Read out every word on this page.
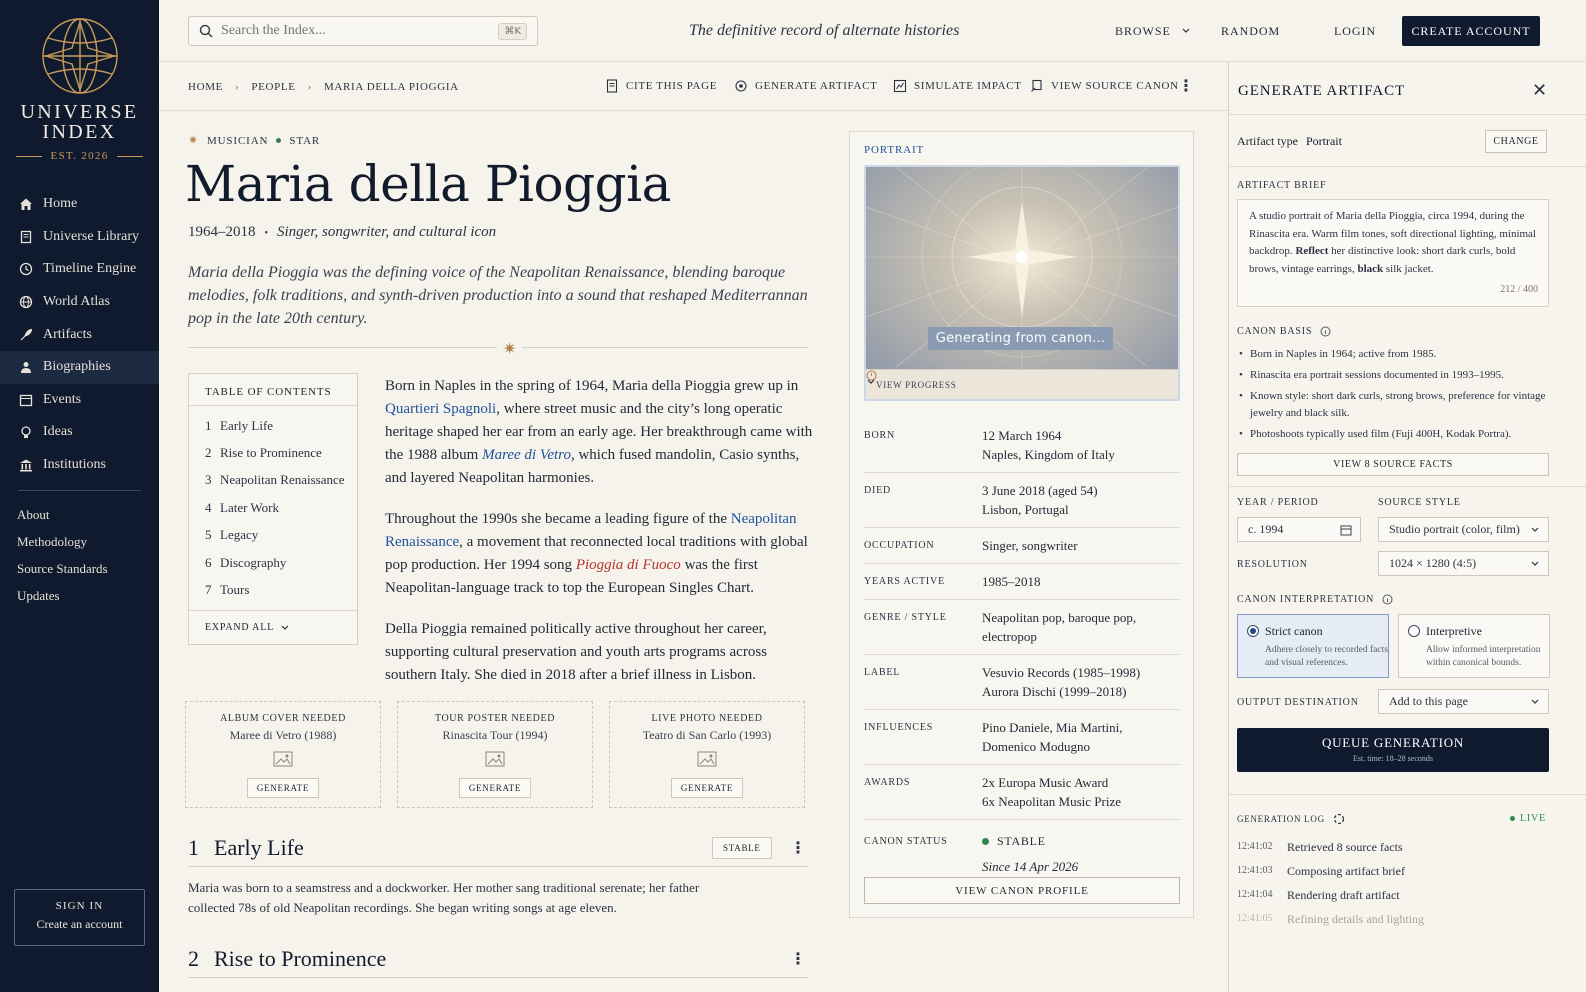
UNIVERSE
INDEX
EST. 2026
Home
Universe Library
Timeline Engine
World Atlas
Artifacts
Biographies
Events
Ideas
Institutions
About
Methodology
Source Standards
Updates
SIGN IN
Create an account
Search the Index...
⌘K	The definitive record of alternate histories	BROWSE	RANDOM	LOGIN	CREATE ACCOUNT
HOME › PEOPLE › MARIA DELLA PIOGGIA	CITE THIS PAGE	GENERATE ARTIFACT	SIMULATE IMPACT	VIEW SOURCE CANON ⋮
✷ MUSICIAN STAR
Maria della Pioggia
1964–2018 • Singer, songwriter, and cultural icon
Maria della Pioggia was the defining voice of the Neapolitan Renaissance, blending baroque melodies, folk traditions, and synth-driven production into a sound that reshaped Mediterrannan pop in the late 20th century.
✷
TABLE OF CONTENTS
1 Early Life
2 Rise to Prominence
3 Neapolitan Renaissance
4 Later Work
5 Legacy
6 Discography
7 Tours
EXPAND ALL

Born in Naples in the spring of 1964, Maria della Pioggia grew up in Quartieri Spagnoli, where street music and the city’s long operatic heritage shaped her ear from an early age. Her breakthrough came with the 1988 album Maree di Vetro, which fused mandolin, Casio synths, and layered Neapolitan harmonies.

Throughout the 1990s she became a leading figure of the Neapolitan Renaissance, a movement that reconnected local traditions with global pop production. Her 1994 song Pioggia di Fuoco was the first Neapolitan-language track to top the European Singles Chart.

Della Pioggia remained politically active throughout her career, supporting cultural preservation and youth arts programs across southern Italy. She died in 2018 after a brief illness in Lisbon.

ALBUM COVER NEEDED
Maree di Vetro (1988)
GENERATE
TOUR POSTER NEEDED
Rinascita Tour (1994)
GENERATE
LIVE PHOTO NEEDED
Teatro di San Carlo (1993)
GENERATE
1 Early Life	STABLE	⋮
Maria was born to a seamstress and a dockworker. Her mother sang traditional serenate; her father collected 78s of old Neapolitan recordings. She began writing songs at age eleven.
2 Rise to Prominence	⋮
PORTRAIT
Generating from canon...
VIEW PROGRESS
BORN	12 March 1964
Naples, Kingdom of Italy
DIED	3 June 2018 (aged 54)
Lisbon, Portugal
OCCUPATION	Singer, songwriter
YEARS ACTIVE	1985–2018
GENRE / STYLE	Neapolitan pop, baroque pop,
electropop
LABEL	Vesuvio Records (1985–1998)
Aurora Dischi (1999–2018)
INFLUENCES	Pino Daniele, Mia Martini,
Domenico Modugno
AWARDS	2x Europa Music Award
6x Neapolitan Music Prize
CANON STATUS	STABLE
Since 14 Apr 2026
VIEW CANON PROFILE
GENERATE ARTIFACT	✕
Artifact type Portrait	CHANGE
ARTIFACT BRIEF
A studio portrait of Maria della Pioggia, circa 1994, during the Rinascita era. Warm film tones, soft directional lighting, minimal backdrop. Reflect her distinctive look: short dark curls, bold brows, vintage earrings, black silk jacket.
212 / 400
CANON BASIS
• Born in Naples in 1964; active from 1985.
• Rinascita era portrait sessions documented in 1993–1995.
• Known style: short dark curls, strong brows, preference for vintage jewelry and black silk.
• Photoshoots typically used film (Fuji 400H, Kodak Portra).
VIEW 8 SOURCE FACTS
YEAR / PERIOD	SOURCE STYLE
c. 1994	Studio portrait (color, film)
RESOLUTION	1024 × 1280 (4:5)
CANON INTERPRETATION
Strict canon
Adhere closely to recorded facts and visual references.
Interpretive
Allow informed interpretation within canonical bounds.
OUTPUT DESTINATION	Add to this page
QUEUE GENERATION
Est. time: 18–28 seconds
GENERATION LOG	LIVE
12:41:02	Retrieved 8 source facts
12:41:03	Composing artifact brief
12:41:04	Rendering draft artifact
12:41:05	Refining details and lighting
